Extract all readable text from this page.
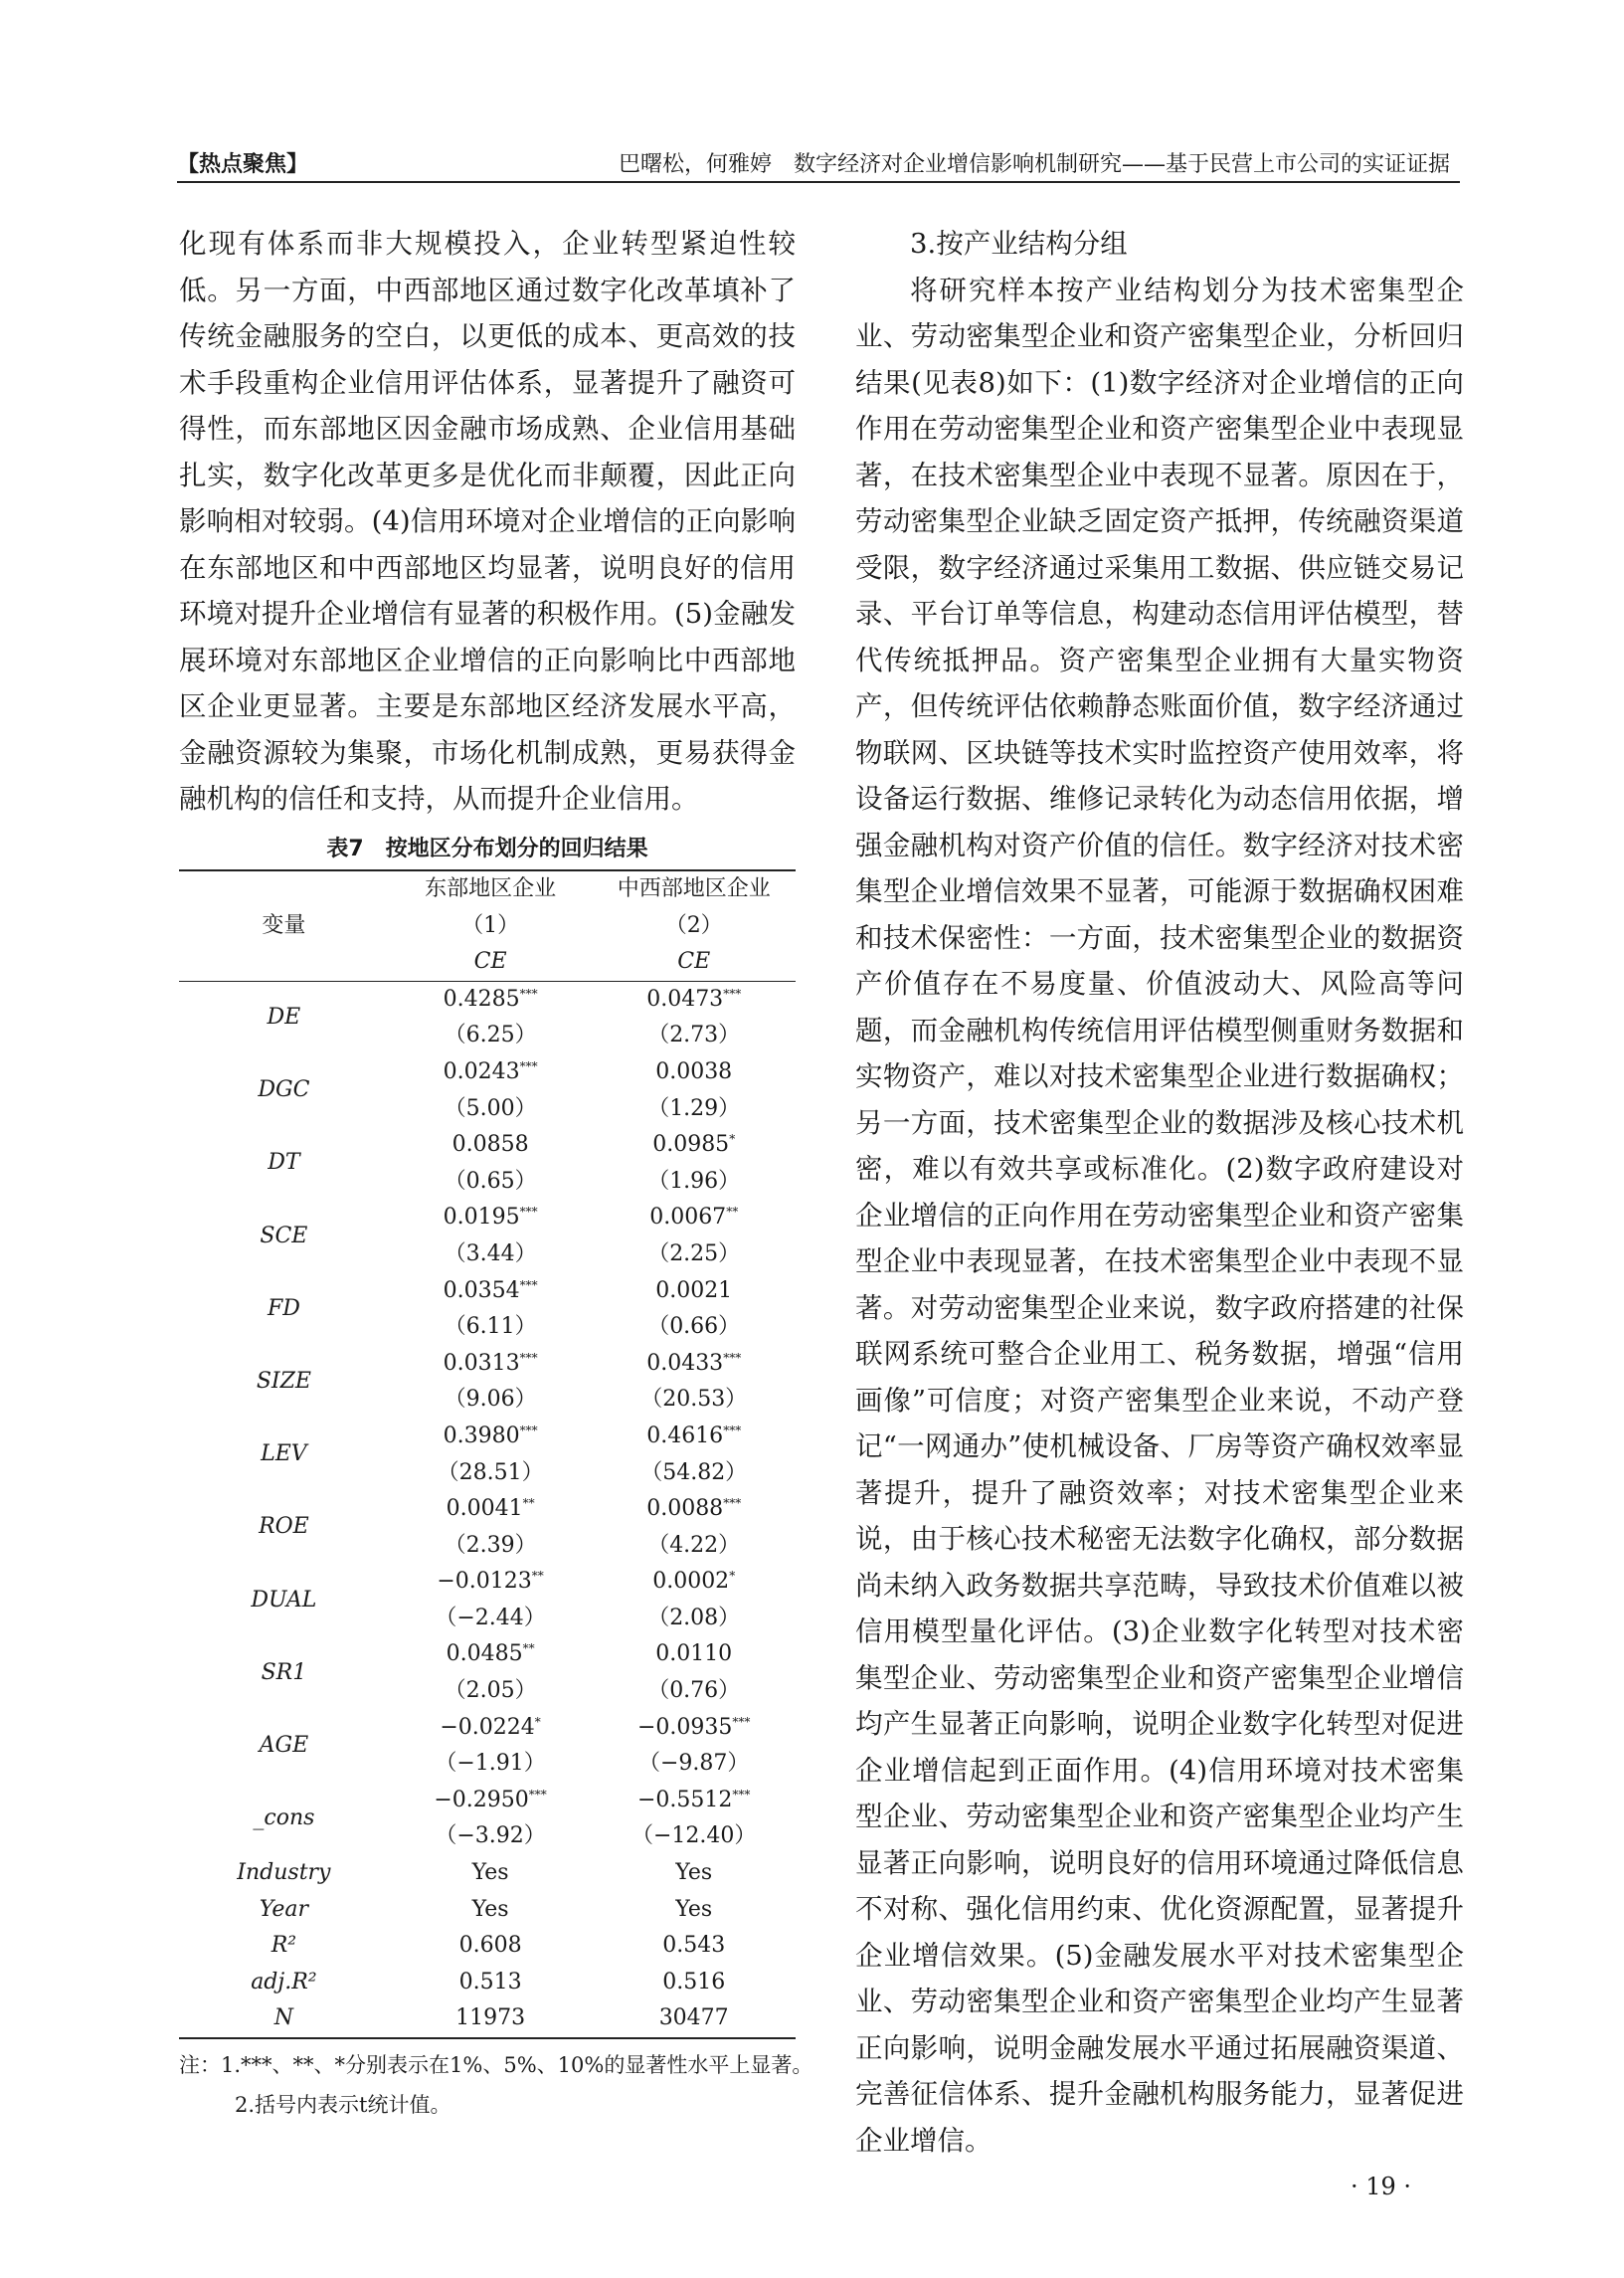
【热点聚焦】	巴曙松，何雅婷　数字经济对企业增信影响机制研究——基于民营上市公司的实证证据

化现有体系而非大规模投入，企业转型紧迫性较低。另一方面，中西部地区通过数字化改革填补了传统金融服务的空白，以更低的成本、更高效的技术手段重构企业信用评估体系，显著提升了融资可得性，而东部地区因金融市场成熟、企业信用基础扎实，数字化改革更多是优化而非颠覆，因此正向影响相对较弱。(4)信用环境对企业增信的正向影响在东部地区和中西部地区均显著，说明良好的信用环境对提升企业增信有显著的积极作用。(5)金融发展环境对东部地区企业增信的正向影响比中西部地区企业更显著。主要是东部地区经济发展水平高，金融资源较为集聚，市场化机制成熟，更易获得金融机构的信任和支持，从而提升企业信用。

表7　按地区分布划分的回归结果
变量	东部地区企业	中西部地区企业
	（1）	（2）
	CE	CE
DE	0.4285***	0.0473***
	（6.25）	（2.73）
DGC	0.0243***	0.0038
	（5.00）	（1.29）
DT	0.0858	0.0985*
	（0.65）	（1.96）
SCE	0.0195***	0.0067**
	（3.44）	（2.25）
FD	0.0354***	0.0021
	（6.11）	（0.66）
SIZE	0.0313***	0.0433***
	（9.06）	（20.53）
LEV	0.3980***	0.4616***
	（28.51）	（54.82）
ROE	0.0041**	0.0088***
	（2.39）	（4.22）
DUAL	−0.0123**	0.0002*
	（−2.44）	（2.08）
SR1	0.0485**	0.0110
	（2.05）	（0.76）
AGE	−0.0224*	−0.0935***
	（−1.91）	（−9.87）
_cons	−0.2950***	−0.5512***
	（−3.92）	（−12.40）
Industry	Yes	Yes
Year	Yes	Yes
R²	0.608	0.543
adj.R²	0.513	0.516
N	11973	30477
注：1.***、**、*分别表示在1%、5%、10%的显著性水平上显著。
2.括号内表示t统计值。

3.按产业结构分组

将研究样本按产业结构划分为技术密集型企业、劳动密集型企业和资产密集型企业，分析回归结果(见表8)如下：(1)数字经济对企业增信的正向作用在劳动密集型企业和资产密集型企业中表现显著，在技术密集型企业中表现不显著。原因在于，劳动密集型企业缺乏固定资产抵押，传统融资渠道受限，数字经济通过采集用工数据、供应链交易记录、平台订单等信息，构建动态信用评估模型，替代传统抵押品。资产密集型企业拥有大量实物资产，但传统评估依赖静态账面价值，数字经济通过物联网、区块链等技术实时监控资产使用效率，将设备运行数据、维修记录转化为动态信用依据，增强金融机构对资产价值的信任。数字经济对技术密集型企业增信效果不显著，可能源于数据确权困难和技术保密性：一方面，技术密集型企业的数据资产价值存在不易度量、价值波动大、风险高等问题，而金融机构传统信用评估模型侧重财务数据和实物资产，难以对技术密集型企业进行数据确权；另一方面，技术密集型企业的数据涉及核心技术机密，难以有效共享或标准化。(2)数字政府建设对企业增信的正向作用在劳动密集型企业和资产密集型企业中表现显著，在技术密集型企业中表现不显著。对劳动密集型企业来说，数字政府搭建的社保联网系统可整合企业用工、税务数据，增强“信用画像”可信度；对资产密集型企业来说，不动产登记“一网通办”使机械设备、厂房等资产确权效率显著提升，提升了融资效率；对技术密集型企业来说，由于核心技术秘密无法数字化确权，部分数据尚未纳入政务数据共享范畴，导致技术价值难以被信用模型量化评估。(3)企业数字化转型对技术密集型企业、劳动密集型企业和资产密集型企业增信均产生显著正向影响，说明企业数字化转型对促进企业增信起到正面作用。(4)信用环境对技术密集型企业、劳动密集型企业和资产密集型企业均产生显著正向影响，说明良好的信用环境通过降低信息不对称、强化信用约束、优化资源配置，显著提升企业增信效果。(5)金融发展水平对技术密集型企业、劳动密集型企业和资产密集型企业均产生显著正向影响，说明金融发展水平通过拓展融资渠道、完善征信体系、提升金融机构服务能力，显著促进企业增信。

· 19 ·
